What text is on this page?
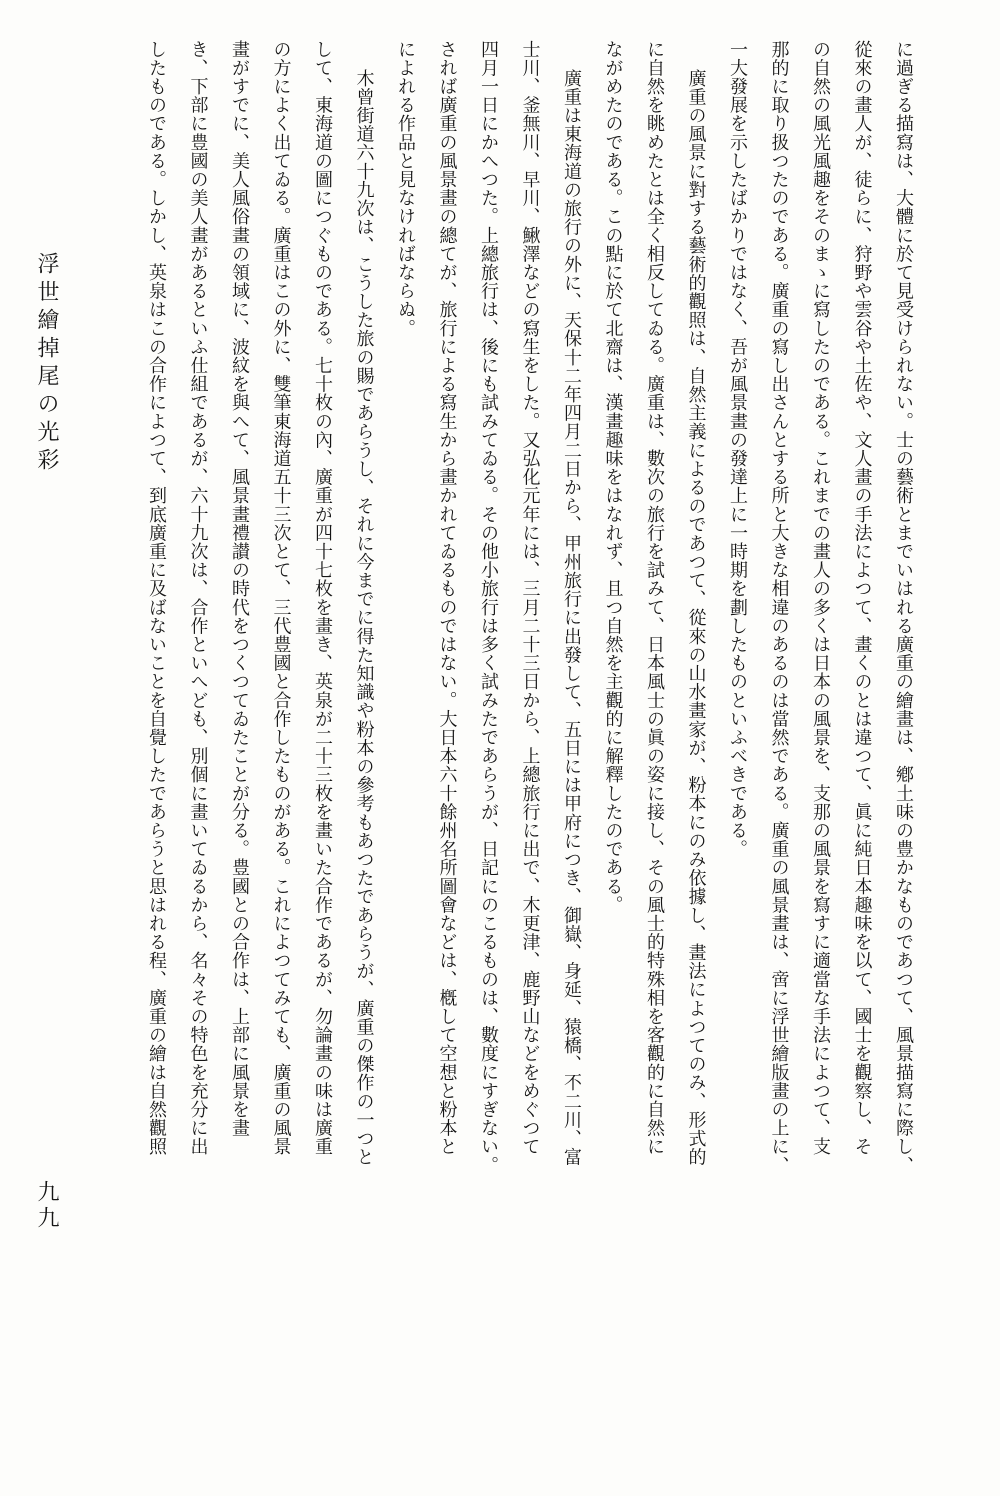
に過ぎる描寫は、大體に於て見受けられない。士の藝術とまでいはれる廣重の繪畫は、鄕土味の豊かなものであつて、風景描寫に際し、

從來の畫人が、徒らに、狩野や雲谷や土佐や、文人畫の手法によつて、畫くのとは違つて、眞に純日本趣味を以て、國士を觀察し、そ

の自然の風光風趣をそのまゝに寫したのである。これまでの畫人の多くは日本の風景を、支那の風景を寫すに適當な手法によつて、支

那的に取り扱つたのである。廣重の寫し出さんとする所と大きな相違のあるのは當然である。廣重の風景畫は、啻に浮世繪版畫の上に、

一大發展を示したばかりではなく、吾が風景畫の發達上に一時期を劃したものといふべきである。

廣重の風景に對する藝術的觀照は、自然主義によるのであつて、從來の山水畫家が、粉本にのみ依據し、畫法によつてのみ、形式的

に自然を眺めたとは全く相反してゐる。廣重は、數次の旅行を試みて、日本風士の眞の姿に接し、その風士的特殊相を客觀的に自然に

ながめたのである。この點に於て北齋は、漢畫趣味をはなれず、且つ自然を主觀的に解釋したのである。

廣重は東海道の旅行の外に、天保十二年四月二日から、甲州旅行に出發して、五日には甲府につき、御嶽、身延、猿橋、不二川、富

士川、釜無川、早川、鰍澤などの寫生をした。又弘化元年には、三月二十三日から、上總旅行に出で、木更津、鹿野山などをめぐつて

四月一日にかへつた。上總旅行は、後にも試みてゐる。その他小旅行は多く試みたであらうが、日記にのこるものは、數度にすぎない。

されば廣重の風景畫の總てが、旅行による寫生から畫かれてゐるものではない。大日本六十餘州名所圖會などは、槪して空想と粉本と

によれる作品と見なければならぬ。

木曾街道六十九次は、こうした旅の賜であらうし、それに今までに得た知識や粉本の參考もあつたであらうが、廣重の傑作の一つと

して、東海道の圖につぐものである。七十枚の內、廣重が四十七枚を畫き、英泉が二十三枚を畫いた合作であるが、勿論畫の味は廣重

の方によく出てゐる。廣重はこの外に、雙筆東海道五十三次とて、三代豊國と合作したものがある。これによつてみても、廣重の風景

畫がすでに、美人風俗畫の領域に、波紋を與へて、風景畫禮讃の時代をつくつてゐたことが分る。豊國との合作は、上部に風景を畫

き、下部に豊國の美人畫があるといふ仕組であるが、六十九次は、合作といへども、別個に畫いてゐるから、名々その特色を充分に出

したものである。しかし、英泉はこの合作によつて、到底廣重に及ばないことを自覺したであらうと思はれる程、廣重の繪は自然觀照

浮世繪掉尾の光彩
九九
